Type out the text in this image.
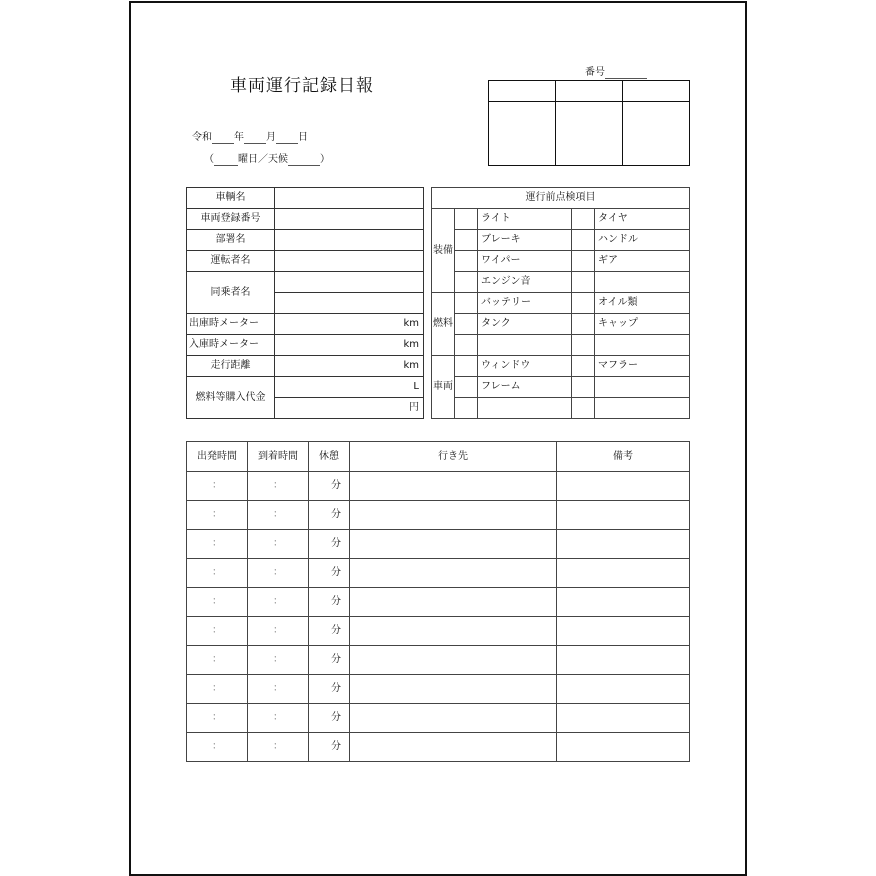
車両運行記録日報
番号

令和 年 月 日
（ 曜日／天候	）
車輌名	
車両登録番号	
部署名	
運転者名	
同乗者名	

出庫時メーター	km
入庫時メーター	km
走行距離	km
燃料等購入代金	L
	円
運行前点検項目				
装備		ライト		タイヤ
		ブレーキ		ハンドル
		ワイパー		ギア
		エンジン音		
燃料		バッテリー		オイル類
		タンク		キャップ

車両		ウィンドウ		マフラー
		フレーム		

出発時間	到着時間	休憩	行き先	備考
：	：	分		
：	：	分		
：	：	分		
：	：	分		
：	：	分		
：	：	分		
：	：	分		
：	：	分		
：	：	分		
：	：	分		
